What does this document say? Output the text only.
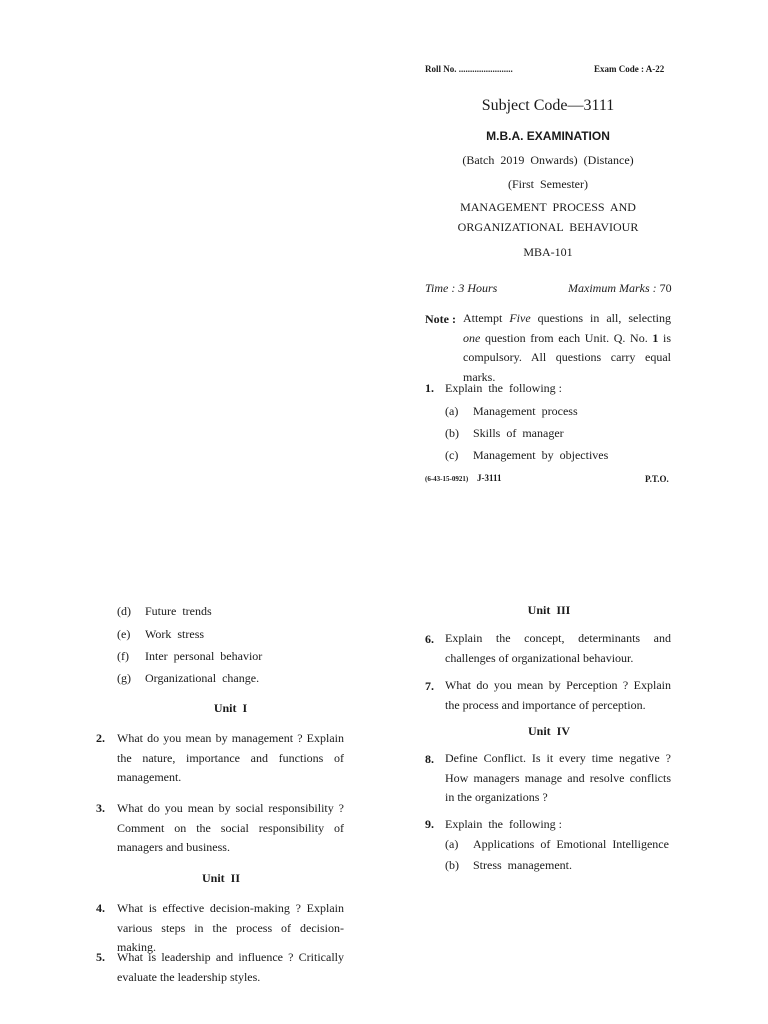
Roll No. ........................	Exam Code : A-22
Subject Code—3111
M.B.A. EXAMINATION
(Batch  2019  Onwards)  (Distance)
(First  Semester)
MANAGEMENT  PROCESS  AND
ORGANIZATIONAL  BEHAVIOUR
MBA-101
Time : 3 Hours	Maximum Marks : 70
Note : Attempt Five questions in all, selecting one question from each Unit. Q. No. 1 is compulsory. All questions carry equal marks.
1. Explain  the  following :
(a) Management  process
(b) Skills  of  manager
(c) Management  by  objectives
(6-43-15-0921) J-3111	P.T.O.
(d) Future  trends
(e) Work  stress
(f) Inter  personal  behavior
(g) Organizational  change.
Unit  I
2. What do you mean by management ? Explain the nature, importance and functions of management.
3. What do you mean by social responsibility ? Comment on the social responsibility of managers and business.
Unit  II
4. What is effective decision-making ? Explain various steps in the process of decision-making.
5. What is leadership and influence ? Critically evaluate the leadership styles.
Unit  III
6. Explain the concept, determinants and challenges of organizational behaviour.
7. What do you mean by Perception ? Explain the process and importance of perception.
Unit  IV
8. Define Conflict. Is it every time negative ? How managers manage and resolve conflicts in the organizations ?
9. Explain  the  following :
(a) Applications  of  Emotional  Intelligence
(b) Stress  management.
